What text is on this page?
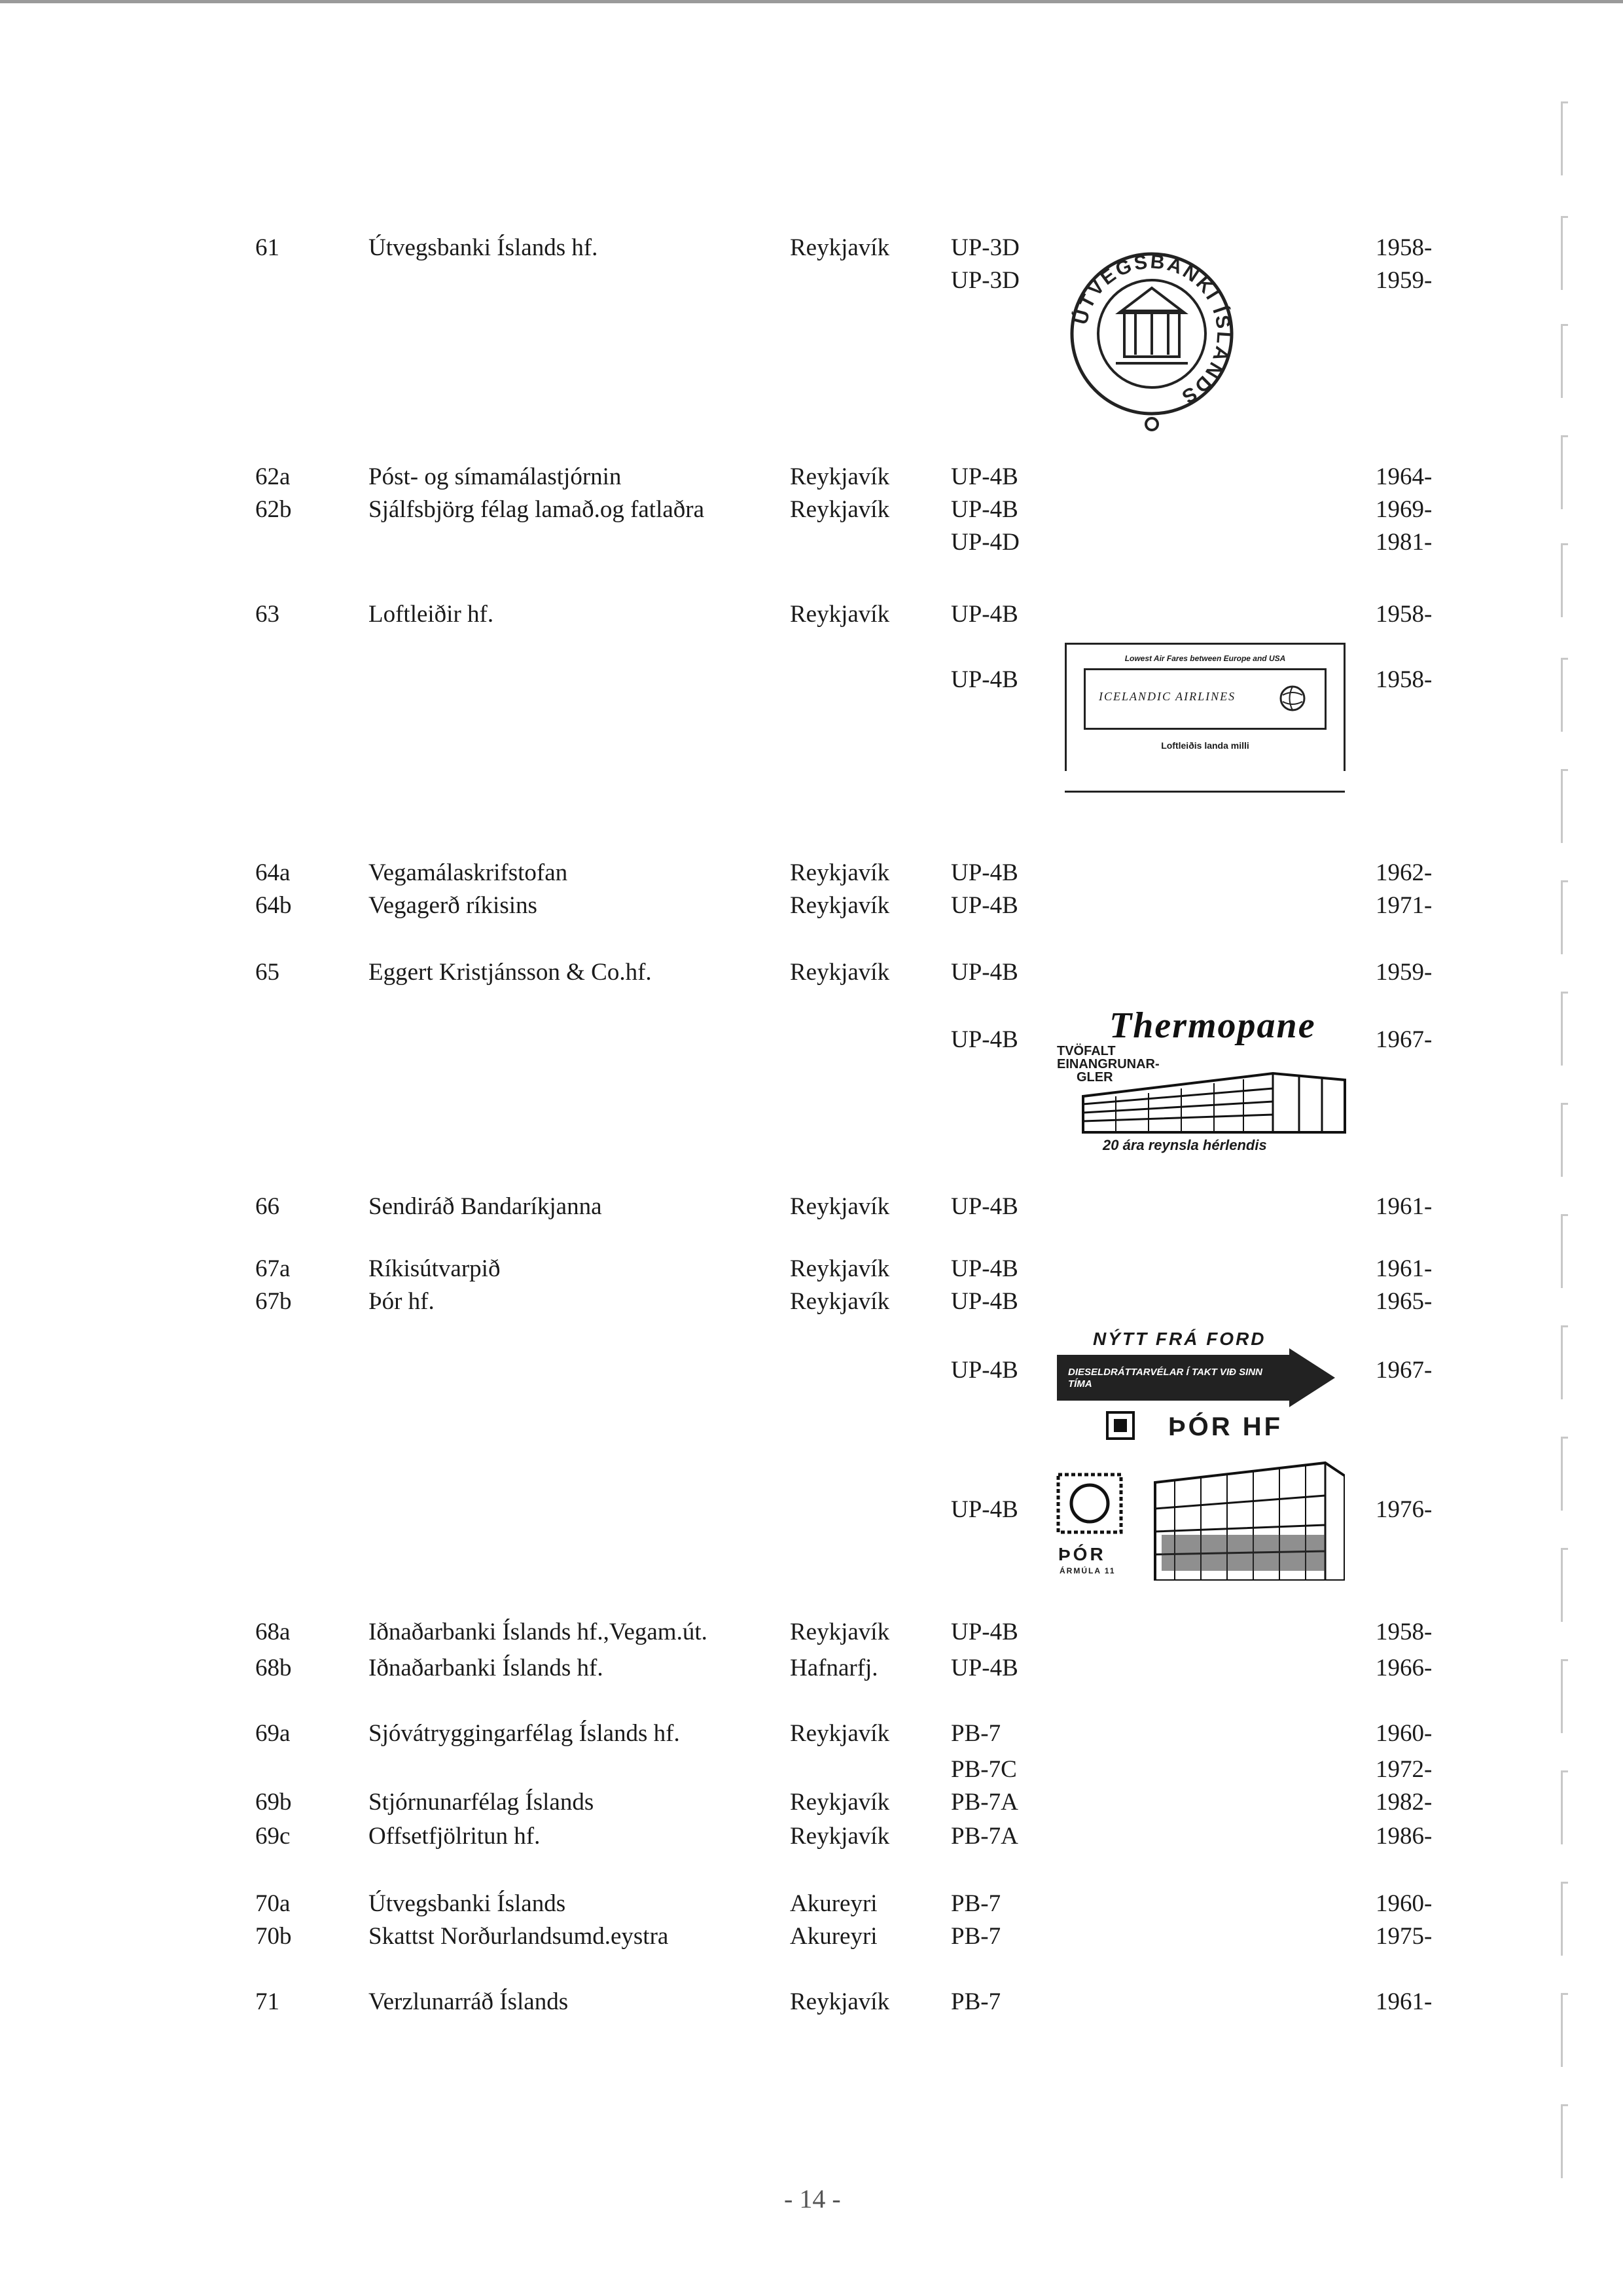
61	Útvegsbanki Íslands hf.	Reykjavík	UP-3D	1958-
UP-3D	1959-
62a	Póst- og símamálastjórnin	Reykjavík	UP-4B	1964-
62b	Sjálfsbjörg félag lamað.og fatlaðra	Reykjavík	UP-4B	1969-
UP-4D	1981-
63	Loftleiðir hf.	Reykjavík	UP-4B	1958-
UP-4B	1958-
64a	Vegamálaskrifstofan	Reykjavík	UP-4B	1962-
64b	Vegagerð ríkisins	Reykjavík	UP-4B	1971-
65	Eggert Kristjánsson & Co.hf.	Reykjavík	UP-4B	1959-
UP-4B	1967-
66	Sendiráð Bandaríkjanna	Reykjavík	UP-4B	1961-
67a	Ríkisútvarpið	Reykjavík	UP-4B	1961-
67b	Þór hf.	Reykjavík	UP-4B	1965-
UP-4B	1967-
UP-4B	1976-
68a	Iðnaðarbanki Íslands hf.,Vegam.út.	Reykjavík	UP-4B	1958-
68b	Iðnaðarbanki Íslands hf.	Hafnarfj.	UP-4B	1966-
69a	Sjóvátryggingarfélag Íslands hf.	Reykjavík	PB-7	1960-
PB-7C	1972-
69b	Stjórnunarfélag Íslands	Reykjavík	PB-7A	1982-
69c	Offsetfjölritun hf.	Reykjavík	PB-7A	1986-
70a	Útvegsbanki Íslands	Akureyri	PB-7	1960-
70b	Skattst Norðurlandsumd.eystra	Akureyri	PB-7	1975-
71	Verzlunarráð Íslands	Reykjavík	PB-7	1961-
ÚTVEGSBANKI ÍSLANDS
Lowest Air Fares between Europe and USA
ICELANDIC AIRLINES
Loftleiðis landa milli
Thermopane
TVÖFALT
EINANGRUNAR-
GLER
20 ára reynsla hérlendis
NÝTT FRÁ FORD
DIESELDRÁTTARVÉLAR Í TAKT VIÐ SINN TÍMA
ÞÓR HF
ÞÓR
ÁRMÚLA 11
- 14 -
